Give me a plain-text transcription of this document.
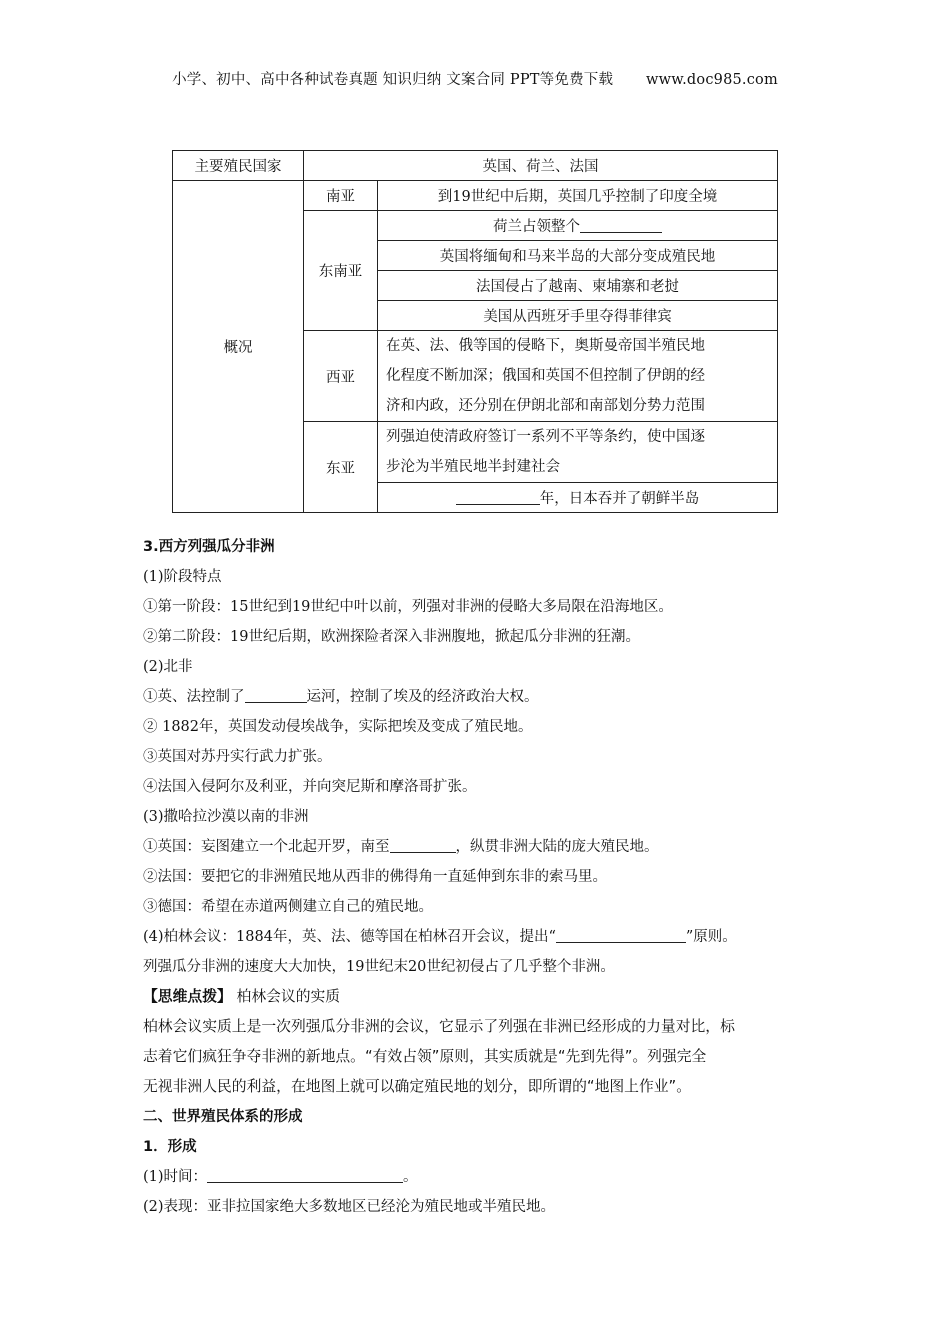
小学、初中、高中各种试卷真题 知识归纳 文案合同 PPT等免费下载 www.doc985.com
主要殖民国家	英国、荷兰、法国	
概况	南亚	到19世纪中后期，英国几乎控制了印度全境
	东南亚	荷兰占领整个
		英国将缅甸和马来半岛的大部分变成殖民地
		法国侵占了越南、柬埔寨和老挝
		美国从西班牙手里夺得菲律宾
	西亚	在英、法、俄等国的侵略下，奥斯曼帝国半殖民地
化程度不断加深；俄国和英国不但控制了伊朗的经
济和内政，还分别在伊朗北部和南部划分势力范围

	东亚	列强迫使清政府签订一系列不平等条约，使中国逐
步沦为半殖民地半封建社会

		年，日本吞并了朝鲜半岛
3.西方列强瓜分非洲
(1)阶段特点
①第一阶段：15世纪到19世纪中叶以前，列强对非洲的侵略大多局限在沿海地区。
②第二阶段：19世纪后期，欧洲探险者深入非洲腹地，掀起瓜分非洲的狂潮。
(2)北非
①英、法控制了	运河，控制了埃及的经济政治大权。
② 1882年，英国发动侵埃战争，实际把埃及变成了殖民地。
③英国对苏丹实行武力扩张。
④法国入侵阿尔及利亚，并向突尼斯和摩洛哥扩张。
(3)撒哈拉沙漠以南的非洲
①英国：妄图建立一个北起开罗，南至	，纵贯非洲大陆的庞大殖民地。
②法国：要把它的非洲殖民地从西非的佛得角一直延伸到东非的索马里。
③德国：希望在赤道两侧建立自己的殖民地。
(4)柏林会议：1884年，英、法、德等国在柏林召开会议，提出“	”原则。
列强瓜分非洲的速度大大加快，19世纪末20世纪初侵占了几乎整个非洲。
【思维点拨】 柏林会议的实质
柏林会议实质上是一次列强瓜分非洲的会议，它显示了列强在非洲已经形成的力量对比，标
志着它们疯狂争夺非洲的新地点。“有效占领”原则，其实质就是“先到先得”。列强完全
无视非洲人民的利益，在地图上就可以确定殖民地的划分，即所谓的“地图上作业”。
二、世界殖民体系的形成
1．形成
(1)时间：	。
(2)表现：亚非拉国家绝大多数地区已经沦为殖民地或半殖民地。
